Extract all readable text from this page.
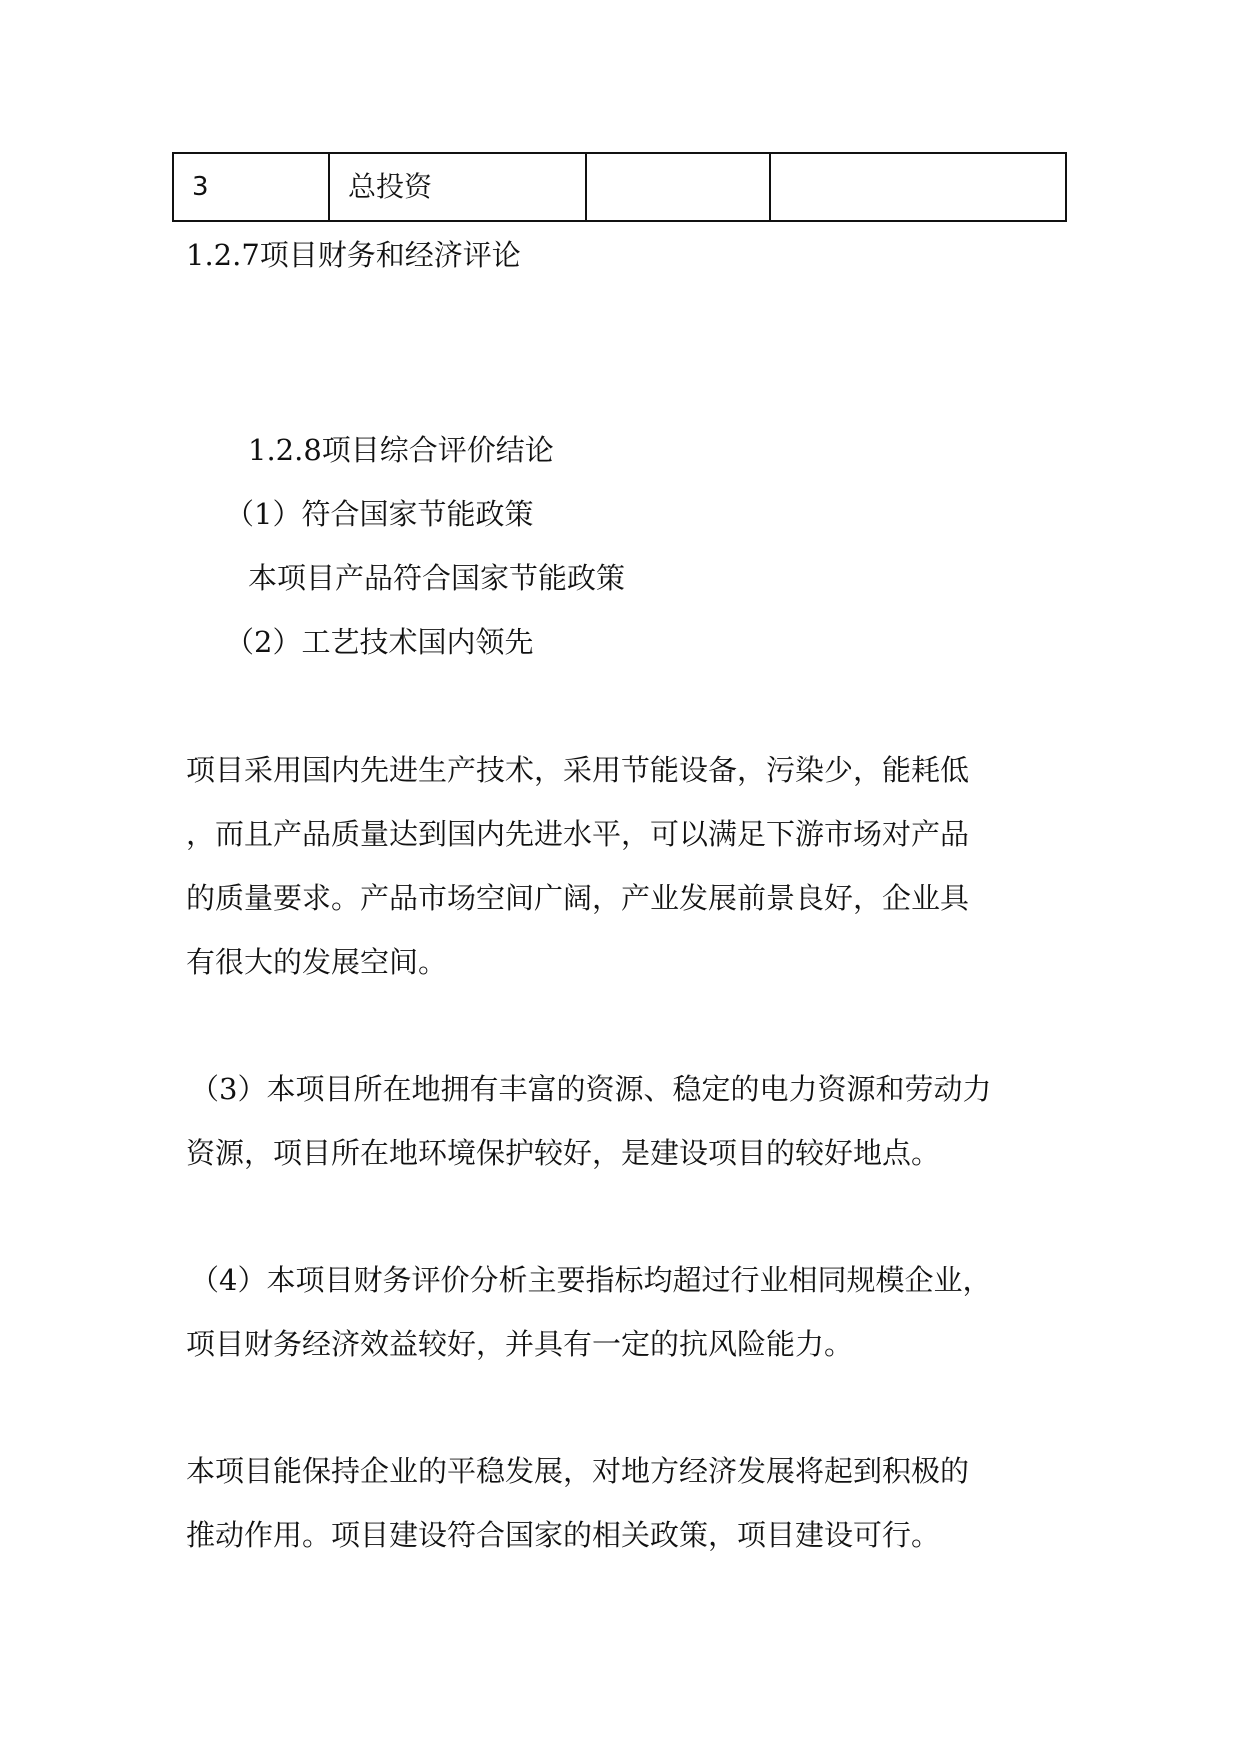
3	总投资		
1.2.7项目财务和经济评论
1.2.8项目综合评价结论
（1）符合国家节能政策
本项目产品符合国家节能政策
（2）工艺技术国内领先
项目采用国内先进生产技术，采用节能设备，污染少，能耗低
，而且产品质量达到国内先进水平，可以满足下游市场对产品
的质量要求。产品市场空间广阔，产业发展前景良好，企业具
有很大的发展空间。
（3）本项目所在地拥有丰富的资源、稳定的电力资源和劳动力
资源，项目所在地环境保护较好，是建设项目的较好地点。
（4）本项目财务评价分析主要指标均超过行业相同规模企业，
项目财务经济效益较好，并具有一定的抗风险能力。
本项目能保持企业的平稳发展，对地方经济发展将起到积极的
推动作用。项目建设符合国家的相关政策，项目建设可行。
